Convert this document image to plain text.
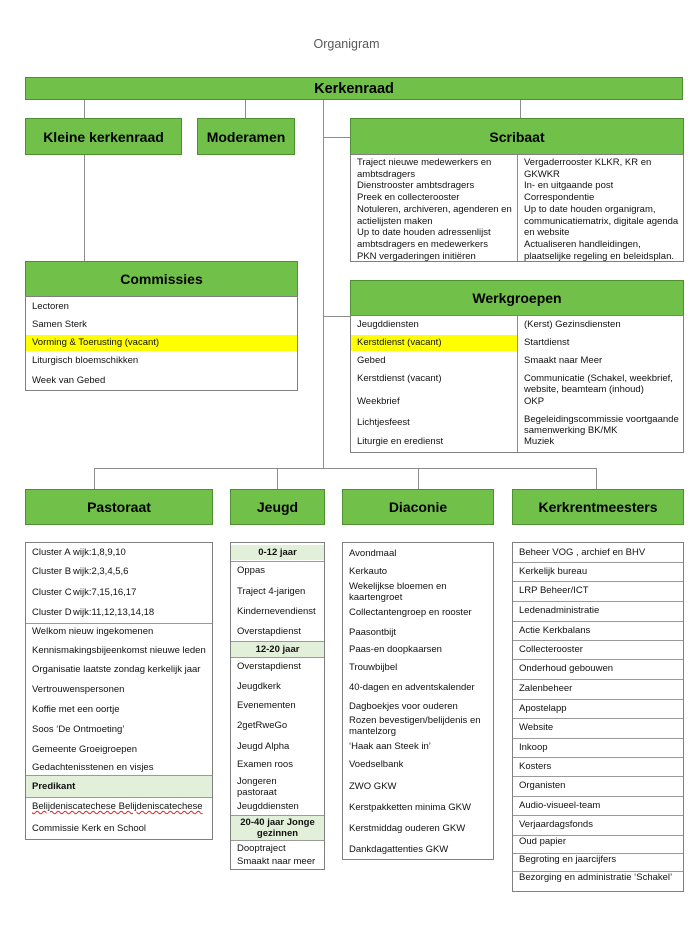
Organigram
Kerkenraad
Kleine kerkenraad	Moderamen	Scribaat
Traject nieuwe medewerkers en ambtsdragers
Dienstrooster ambtsdragers
Preek en collecterooster
Notuleren, archiveren, agenderen en actielijsten maken
Up to date houden adressenlijst ambtsdragers en medewerkers
PKN vergaderingen initiëren
Vergaderrooster KLKR, KR en GKWKR
In- en uitgaande post
Correspondentie
Up to date houden organigram, communicatiematrix, digitale agenda en website
Actualiseren handleidingen, plaatselijke regeling en beleidsplan.
Commissies
Lectoren
Samen Sterk
Vorming & Toerusting (vacant)
Liturgisch bloemschikken
Week van Gebed
Werkgroepen
Jeugddiensten	(Kerst) Gezinsdiensten
Kerstdienst (vacant)	Startdienst
Gebed	Smaakt naar Meer
Kerstdienst (vacant)	Communicatie (Schakel, weekbrief, website, beamteam (inhoud)
Weekbrief	OKP
Lichtjesfeest	Begeleidingscommissie voortgaande samenwerking BK/MK
Liturgie en eredienst	Muziek
Pastoraat	Jeugd	Diaconie	Kerkrentmeesters
Cluster A wijk:1,8,9,10
Cluster B wijk:2,3,4,5,6
Cluster C wijk:7,15,16,17
Cluster D wijk:11,12,13,14,18
Welkom nieuw ingekomenen
Kennismakingsbijeenkomst nieuwe leden
Organisatie laatste zondag kerkelijk jaar
Vertrouwenspersonen
Koffie met een oortje
Soos ‘De Ontmoeting’
Gemeente Groeigroepen
Gedachtenisstenen en visjes
Predikant
Belijdeniscatechese Belijdeniscatechese
Commissie Kerk en School
0-12 jaar
Oppas
Traject 4-jarigen
Kindernevendienst
Overstapdienst
12-20 jaar
Overstapdienst
Jeugdkerk
Evenementen
2getRweGo
Jeugd Alpha
Examen roos
Jongeren pastoraat
Jeugddiensten
20-40 jaar Jonge gezinnen
Dooptraject
Smaakt naar meer
Avondmaal
Kerkauto
Wekelijkse bloemen en kaartengroet
Collectantengroep en rooster
Paasontbijt
Paas-en doopkaarsen
Trouwbijbel
40-dagen en adventskalender
Dagboekjes voor ouderen
Rozen bevestigen/belijdenis en mantelzorg
‘Haak aan Steek in’
Voedselbank
ZWO GKW
Kerstpakketten minima GKW
Kerstmiddag ouderen GKW
Dankdagattenties GKW
Beheer VOG , archief en BHV
Kerkelijk bureau
LRP Beheer/ICT
Ledenadministratie
Actie Kerkbalans
Collecterooster
Onderhoud gebouwen
Zalenbeheer
Apostelapp
Website
Inkoop
Kosters
Organisten
Audio-visueel-team
Verjaardagsfonds
Oud papier
Begroting en jaarcijfers
Bezorging en administratie ‘Schakel’
